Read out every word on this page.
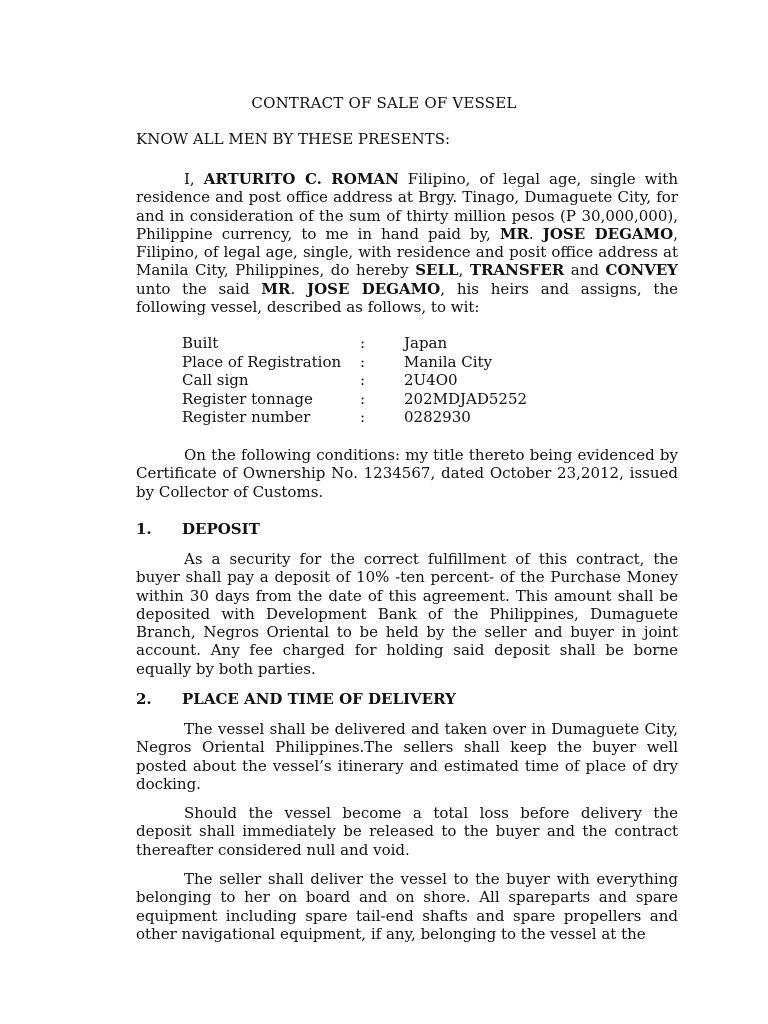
CONTRACT OF SALE OF VESSEL
KNOW ALL MEN BY THESE PRESENTS:
I, ARTURITO C. ROMAN Filipino, of legal age, single with residence and post office address at Brgy. Tinago, Dumaguete City, for and in consideration of the sum of thirty million pesos (P 30,000,000), Philippine currency, to me in hand paid by, MR. JOSE DEGAMO, Filipino, of legal age, single, with residence and posit office address at Manila City, Philippines, do hereby SELL, TRANSFER and CONVEY unto the said MR. JOSE DEGAMO, his heirs and assigns, the following vessel, described as follows, to wit:
Built	:	Japan
Place of Registration	:	Manila City
Call sign	:	2U4O0
Register tonnage	:	202MDJAD5252
Register number	:	0282930
On the following conditions: my title thereto being evidenced by Certificate of Ownership No. 1234567, dated October 23,2012, issued by Collector of Customs.
1. DEPOSIT
As a security for the correct fulfillment of this contract, the buyer shall pay a deposit of 10% -ten percent- of the Purchase Money within 30 days from the date of this agreement. This amount shall be deposited with Development Bank of the Philippines, Dumaguete Branch, Negros Oriental to be held by the seller and buyer in joint account. Any fee charged for holding said deposit shall be borne equally by both parties.
2. PLACE AND TIME OF DELIVERY
The vessel shall be delivered and taken over in Dumaguete City, Negros Oriental Philippines.The sellers shall keep the buyer well posted about the vessel’s itinerary and estimated time of place of dry docking.
Should the vessel become a total loss before delivery the deposit shall immediately be released to the buyer and the contract thereafter considered null and void.
The seller shall deliver the vessel to the buyer with everything belonging to her on board and on shore. All spareparts and spare equipment including spare tail-end shafts and spare propellers and other navigational equipment, if any, belonging to the vessel at the
